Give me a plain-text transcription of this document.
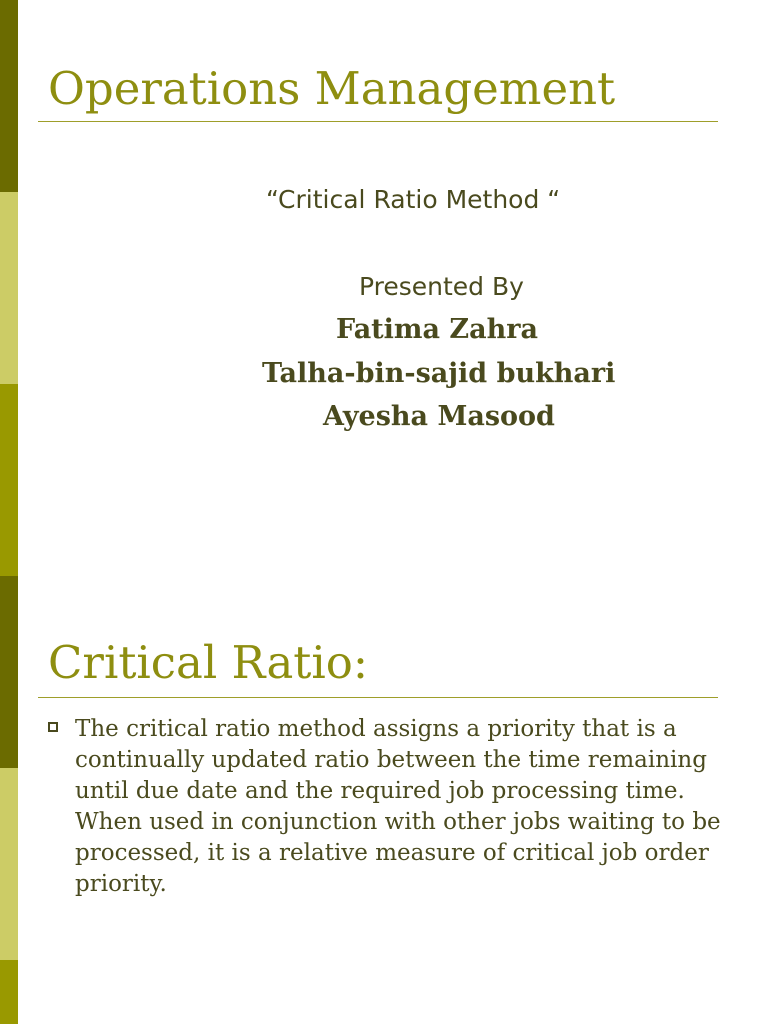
Operations Management
“Critical Ratio Method “
Presented By
Fatima Zahra
Talha-bin-sajid bukhari
Ayesha Masood
Critical Ratio:
The critical ratio method assigns a priority that is a continually updated ratio between the time remaining until due date and the required job processing time. When used in conjunction with other jobs waiting to be processed, it is a relative measure of critical job order priority.
